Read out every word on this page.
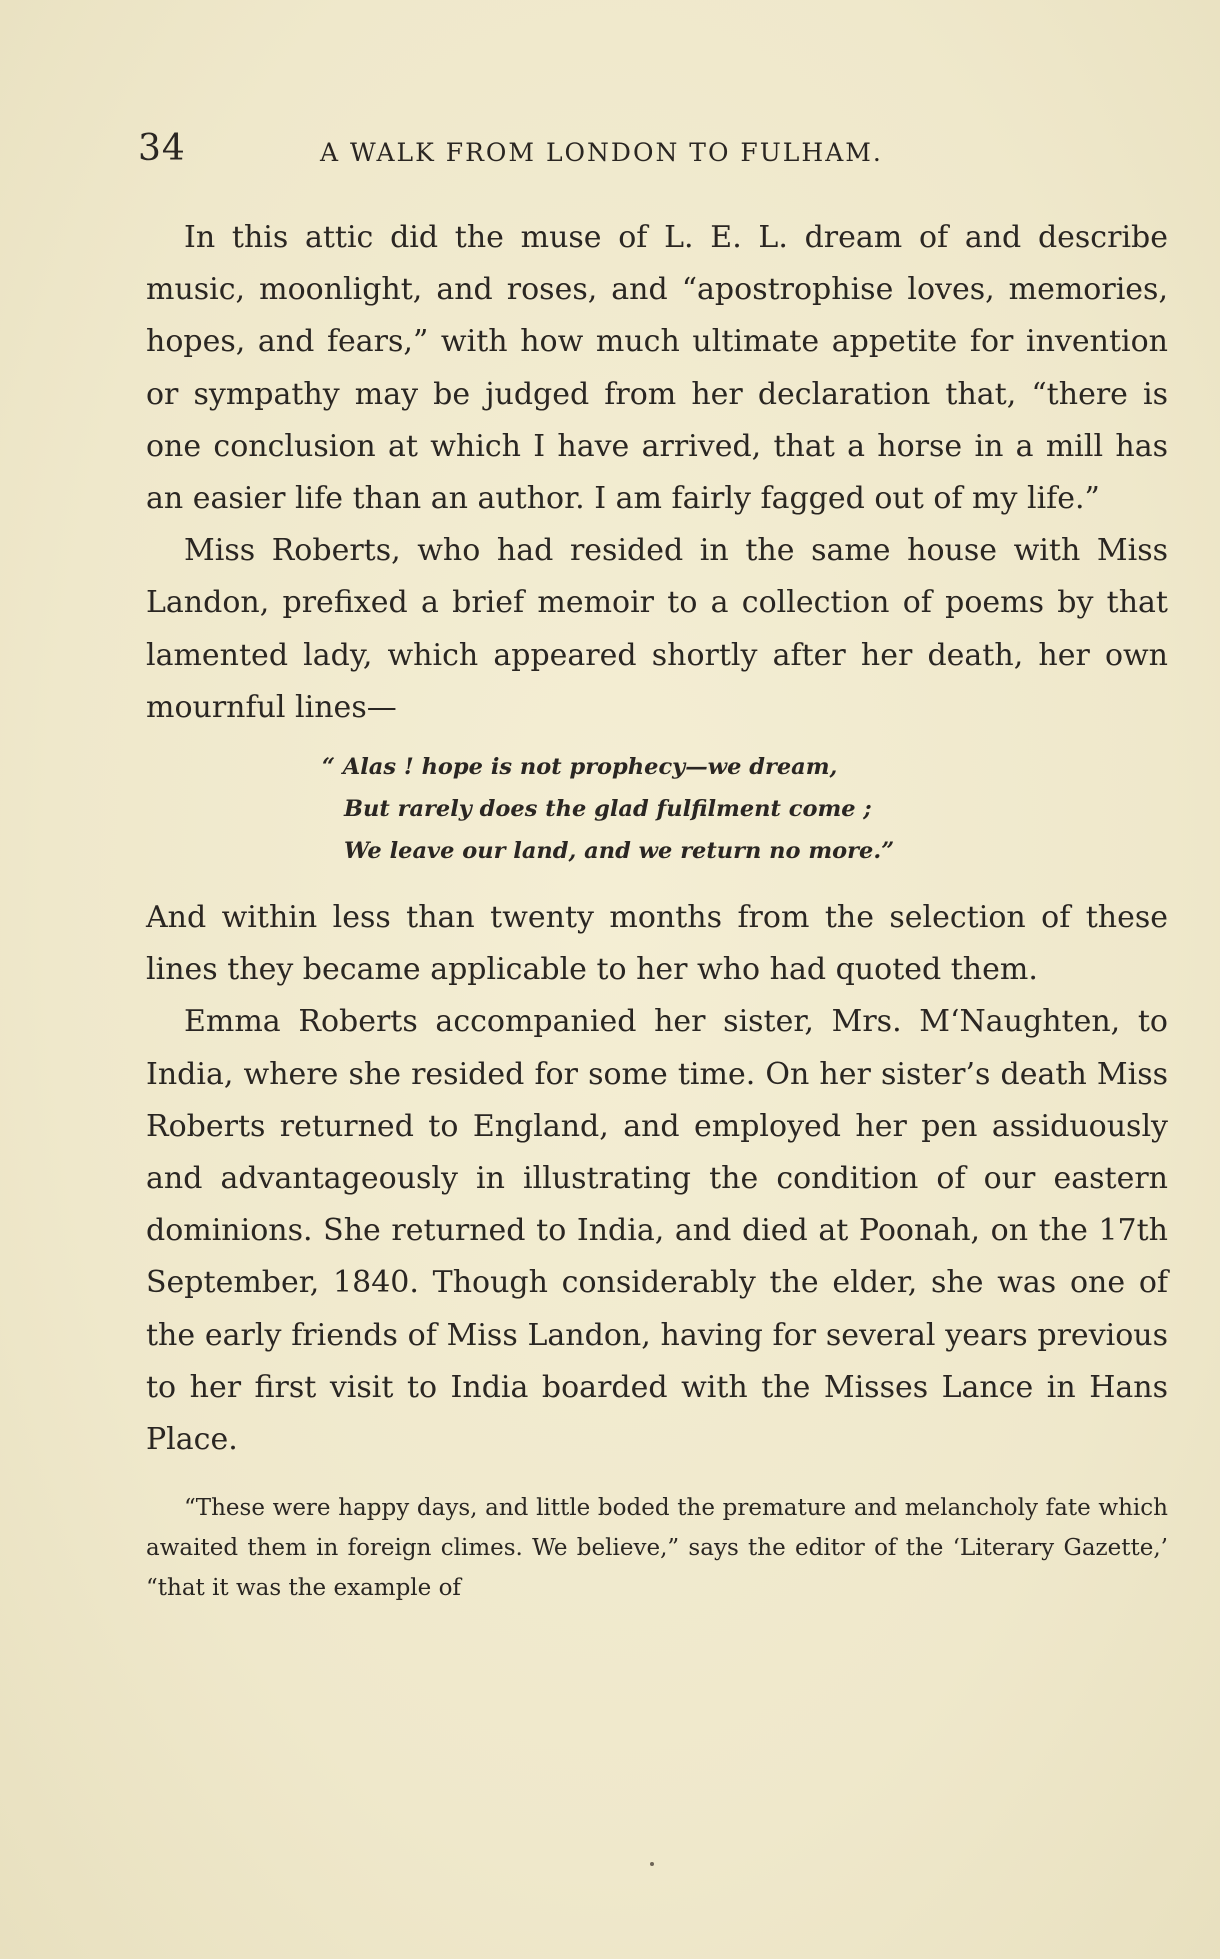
34	A WALK FROM LONDON TO FULHAM.

In this attic did the muse of L. E. L. dream of and describe music, moonlight, and roses, and “apostrophise loves, memories, hopes, and fears,” with how much ultimate appetite for invention or sympathy may be judged from her declaration that, “there is one conclusion at which I have arrived, that a horse in a mill has an easier life than an author. I am fairly fagged out of my life.”

Miss Roberts, who had resided in the same house with Miss Landon, prefixed a brief memoir to a collection of poems by that lamented lady, which appeared shortly after her death, her own mournful lines—

“ Alas ! hope is not prophecy—we dream,
But rarely does the glad fulfilment come ;
We leave our land, and we return no more.”

And within less than twenty months from the selection of these lines they became applicable to her who had quoted them.

Emma Roberts accompanied her sister, Mrs. M‘Naughten, to India, where she resided for some time. On her sister’s death Miss Roberts returned to England, and employed her pen assiduously and advantageously in illustrating the condition of our eastern dominions. She returned to India, and died at Poonah, on the 17th September, 1840. Though considerably the elder, she was one of the early friends of Miss Landon, having for several years previous to her first visit to India boarded with the Misses Lance in Hans Place.

“These were happy days, and little boded the premature and melancholy fate which awaited them in foreign climes. We believe,” says the editor of the ‘Literary Gazette,’ “that it was the example of
